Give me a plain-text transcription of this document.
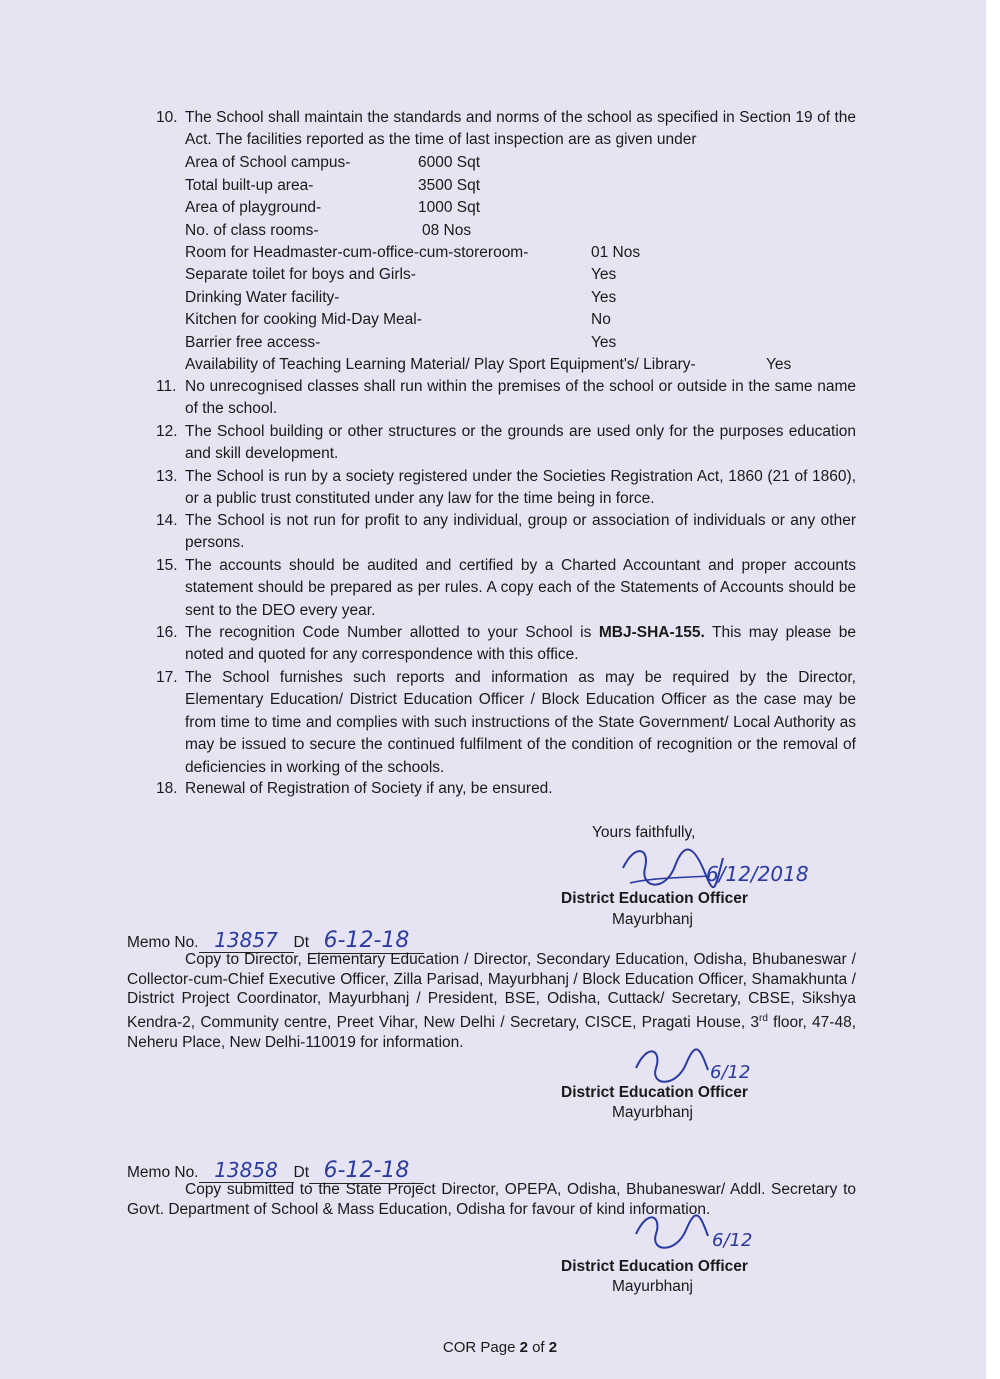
10. The School shall maintain the standards and norms of the school as specified in Section 19 of the Act. The facilities reported as the time of last inspection are as given under
Area of School campus-	6000 Sqt
Total built-up area-	3500 Sqt
Area of playground-	1000 Sqt
No. of class rooms-	08 Nos
Room for Headmaster-cum-office-cum-storeroom-	01 Nos
Separate toilet for boys and Girls-	Yes
Drinking Water facility-	Yes
Kitchen for cooking Mid-Day Meal-	No
Barrier free access-	Yes
Availability of Teaching Learning Material/ Play Sport Equipment's/ Library-	Yes
11. No unrecognised classes shall run within the premises of the school or outside in the same name of the school.
12. The School building or other structures or the grounds are used only for the purposes education and skill development.
13. The School is run by a society registered under the Societies Registration Act, 1860 (21 of 1860), or a public trust constituted under any law for the time being in force.
14. The School is not run for profit to any individual, group or association of individuals or any other persons.
15. The accounts should be audited and certified by a Charted Accountant and proper accounts statement should be prepared as per rules. A copy each of the Statements of Accounts should be sent to the DEO every year.
16. The recognition Code Number allotted to your School is MBJ-SHA-155. This may please be noted and quoted for any correspondence with this office.
17. The School furnishes such reports and information as may be required by the Director, Elementary Education/ District Education Officer / Block Education Officer as the case may be from time to time and complies with such instructions of the State Government/ Local Authority as may be issued to secure the continued fulfilment of the condition of recognition or the removal of deficiencies in working of the schools.
18. Renewal of Registration of Society if any, be ensured.
Yours faithfully,
6/12/2018
District Education Officer
Mayurbhanj
Memo No. 13857 Dt 6-12-18
Copy to Director, Elementary Education / Director, Secondary Education, Odisha, Bhubaneswar / Collector-cum-Chief Executive Officer, Zilla Parisad, Mayurbhanj / Block Education Officer, Shamakhunta / District Project Coordinator, Mayurbhanj / President, BSE, Odisha, Cuttack/ Secretary, CBSE, Sikshya Kendra-2, Community centre, Preet Vihar, New Delhi / Secretary, CISCE, Pragati House, 3rd floor, 47-48, Neheru Place, New Delhi-110019 for information.
6/12
District Education Officer
Mayurbhanj
Memo No. 13858 Dt 6-12-18
Copy submitted to the State Project Director, OPEPA, Odisha, Bhubaneswar/ Addl. Secretary to Govt. Department of School & Mass Education, Odisha for favour of kind information.
6/12
District Education Officer
Mayurbhanj
COR Page 2 of 2
